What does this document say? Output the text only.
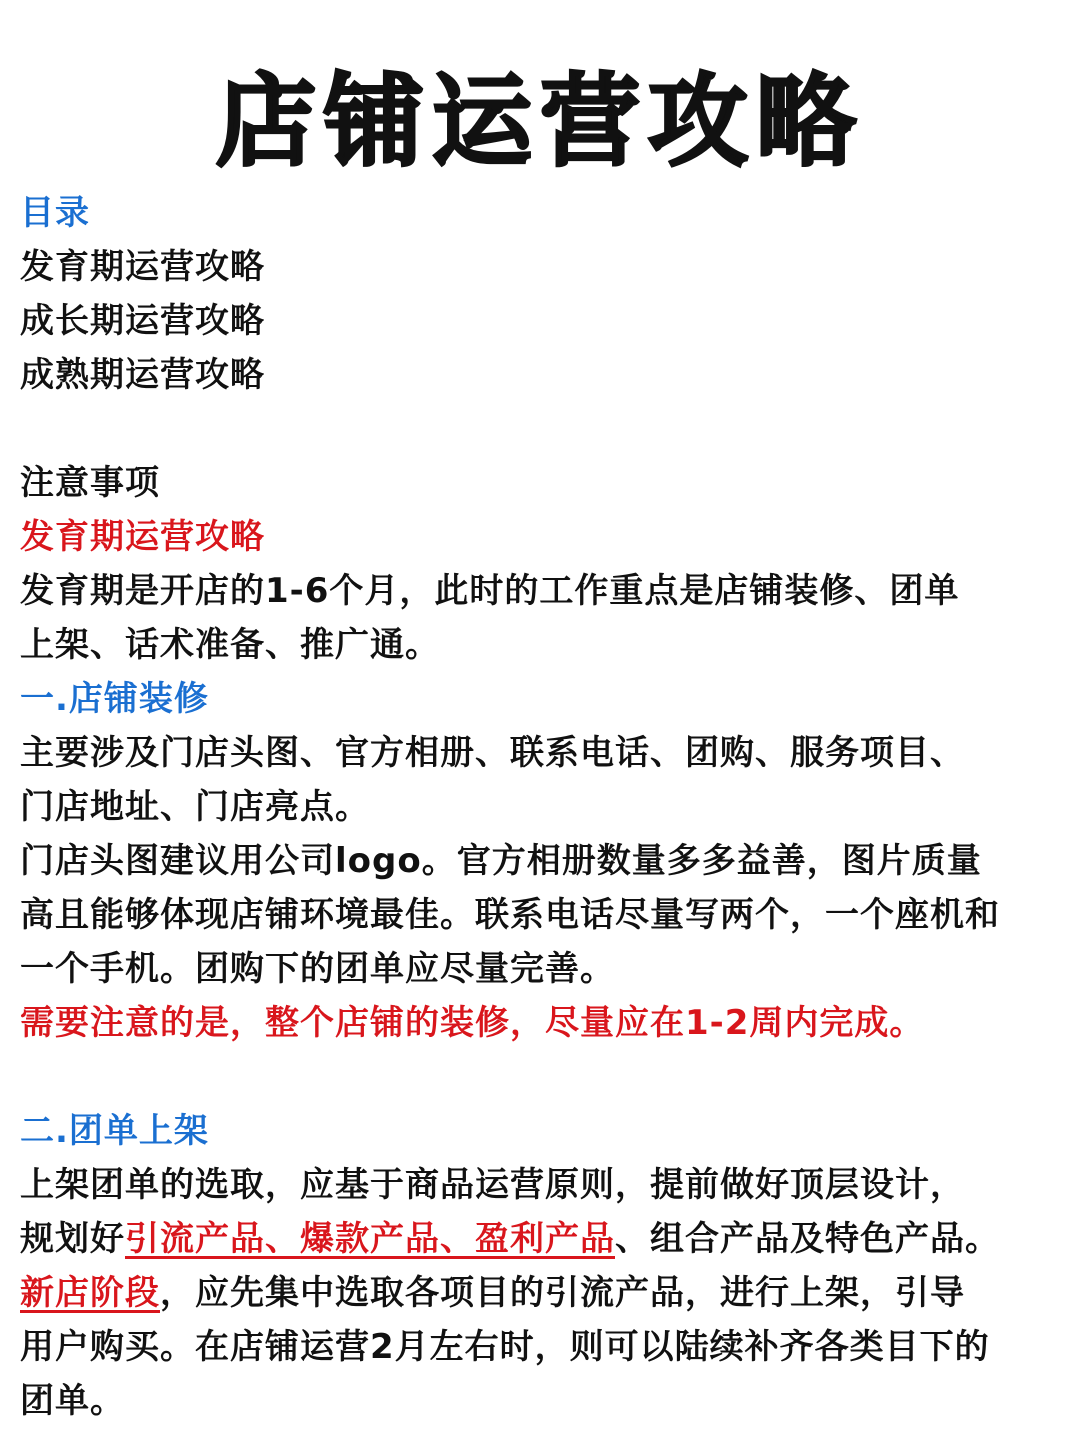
店铺运营攻略
目录
发育期运营攻略
成长期运营攻略
成熟期运营攻略
注意事项
发育期运营攻略
发育期是开店的1-6个月，此时的工作重点是店铺装修、团单
上架、话术准备、推广通。
一.店铺装修
主要涉及门店头图、官方相册、联系电话、团购、服务项目、
门店地址、门店亮点。
门店头图建议用公司logo。官方相册数量多多益善，图片质量
高且能够体现店铺环境最佳。联系电话尽量写两个，一个座机和
一个手机。团购下的团单应尽量完善。
需要注意的是，整个店铺的装修，尽量应在1-2周内完成。
二.团单上架
上架团单的选取，应基于商品运营原则，提前做好顶层设计，
规划好引流产品、爆款产品、盈利产品、组合产品及特色产品。
新店阶段，应先集中选取各项目的引流产品，进行上架，引导
用户购买。在店铺运营2月左右时，则可以陆续补齐各类目下的
团单。
